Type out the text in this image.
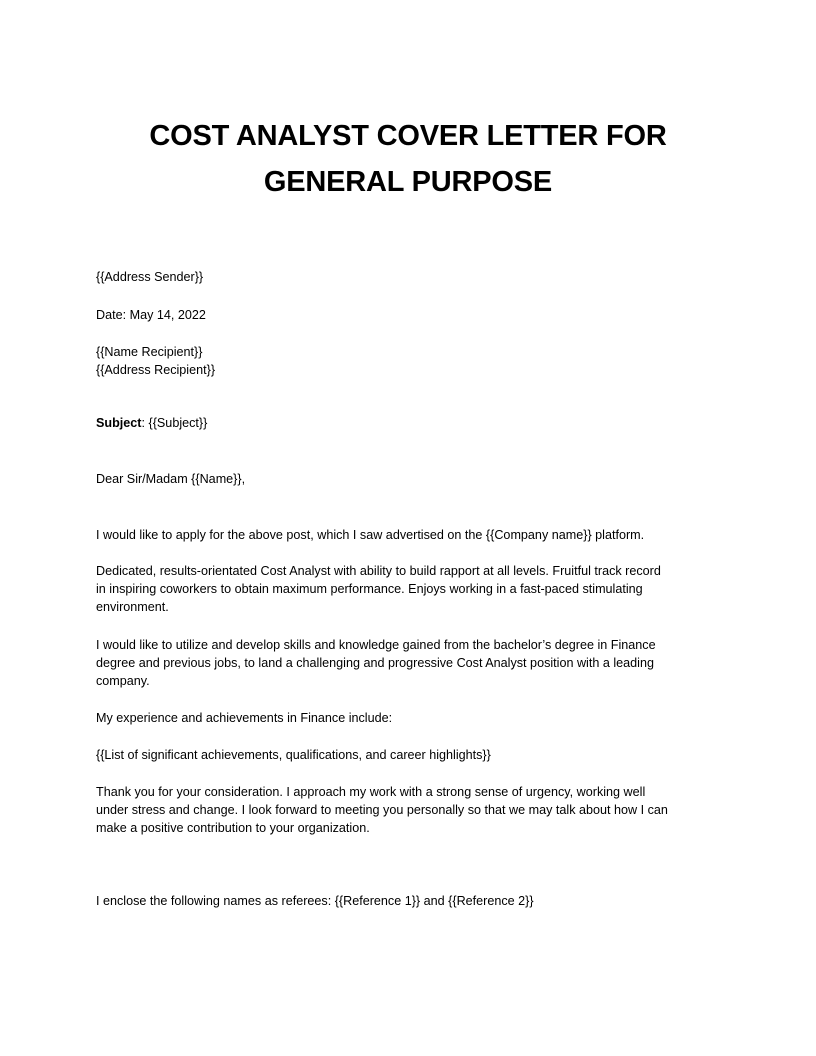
COST ANALYST COVER LETTER FOR
GENERAL PURPOSE

{{Address Sender}}

Date: May 14, 2022

{{Name Recipient}}
{{Address Recipient}}

Subject: {{Subject}}

Dear Sir/Madam {{Name}},

I would like to apply for the above post, which I saw advertised on the {{Company name}} platform.

Dedicated, results-orientated Cost Analyst with ability to build rapport at all levels. Fruitful track record
in inspiring coworkers to obtain maximum performance. Enjoys working in a fast-paced stimulating
environment.

I would like to utilize and develop skills and knowledge gained from the bachelor’s degree in Finance
degree and previous jobs, to land a challenging and progressive Cost Analyst position with a leading
company.

My experience and achievements in Finance include:

{{List of significant achievements, qualifications, and career highlights}}

Thank you for your consideration. I approach my work with a strong sense of urgency, working well
under stress and change. I look forward to meeting you personally so that we may talk about how I can
make a positive contribution to your organization.

I enclose the following names as referees: {{Reference 1}} and {{Reference 2}}
